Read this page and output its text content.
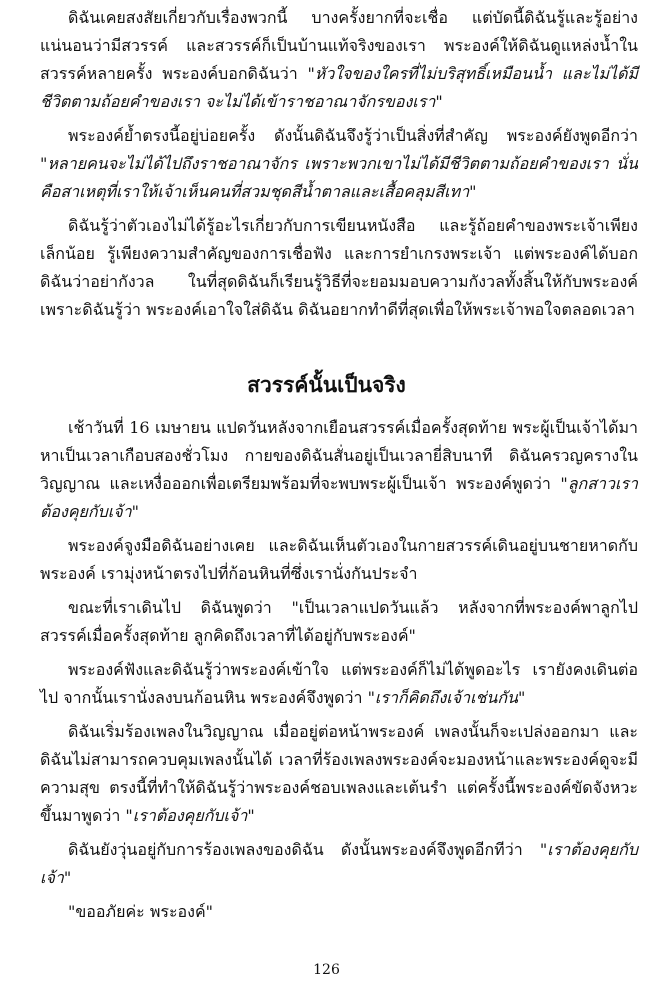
ดิฉันเคยสงสัยเกี่ยวกับเรื่องพวกนี้ บางครั้งยากที่จะเชื่อ แต่บัดนี้ดิฉันรู้และรู้อย่างแน่นอนว่ามีสวรรค์ และสวรรค์ก็เป็นบ้านแท้จริงของเรา พระองค์ให้ดิฉันดูแหล่งน้ำในสวรรค์หลายครั้ง พระองค์บอกดิฉันว่า "หัวใจของใครที่ไม่บริสุทธิ์เหมือนน้ำ และไม่ได้มีชีวิตตามถ้อยคำของเรา จะไม่ได้เข้าราชอาณาจักรของเรา"

พระองค์ย้ำตรงนี้อยู่บ่อยครั้ง ดังนั้นดิฉันจึงรู้ว่าเป็นสิ่งที่สำคัญ พระองค์ยังพูดอีกว่า "หลายคนจะไม่ได้ไปถึงราชอาณาจักร เพราะพวกเขาไม่ได้มีชีวิตตามถ้อยคำของเรา นั่นคือสาเหตุที่เราให้เจ้าเห็นคนที่สวมชุดสีน้ำตาลและเสื้อคลุมสีเทา"

ดิฉันรู้ว่าตัวเองไม่ได้รู้อะไรเกี่ยวกับการเขียนหนังสือ และรู้ถ้อยคำของพระเจ้าเพียงเล็กน้อย รู้เพียงความสำคัญของการเชื่อฟัง และการยำเกรงพระเจ้า แต่พระองค์ได้บอกดิฉันว่าอย่ากังวล ในที่สุดดิฉันก็เรียนรู้วิธีที่จะยอมมอบความกังวลทั้งสิ้นให้กับพระองค์ เพราะดิฉันรู้ว่า พระองค์เอาใจใส่ดิฉัน ดิฉันอยากทำดีที่สุดเพื่อให้พระเจ้าพอใจตลอดเวลา

สวรรค์นั้นเป็นจริง

เช้าวันที่ 16 เมษายน แปดวันหลังจากเยือนสวรรค์เมื่อครั้งสุดท้าย พระผู้เป็นเจ้าได้มาหาเป็นเวลาเกือบสองชั่วโมง กายของดิฉันสั่นอยู่เป็นเวลายี่สิบนาที ดิฉันครวญครางในวิญญาณ และเหงื่อออกเพื่อเตรียมพร้อมที่จะพบพระผู้เป็นเจ้า พระองค์พูดว่า "ลูกสาวเราต้องคุยกับเจ้า"

พระองค์จูงมือดิฉันอย่างเคย และดิฉันเห็นตัวเองในกายสวรรค์เดินอยู่บนชายหาดกับพระองค์ เรามุ่งหน้าตรงไปที่ก้อนหินที่ซึ่งเรานั่งกันประจำ

ขณะที่เราเดินไป ดิฉันพูดว่า "เป็นเวลาแปดวันแล้ว หลังจากที่พระองค์พาลูกไปสวรรค์เมื่อครั้งสุดท้าย ลูกคิดถึงเวลาที่ได้อยู่กับพระองค์"

พระองค์ฟังและดิฉันรู้ว่าพระองค์เข้าใจ แต่พระองค์ก็ไม่ได้พูดอะไร เรายังคงเดินต่อไป จากนั้นเรานั่งลงบนก้อนหิน พระองค์จึงพูดว่า "เราก็คิดถึงเจ้าเช่นกัน"

ดิฉันเริ่มร้องเพลงในวิญญาณ เมื่ออยู่ต่อหน้าพระองค์ เพลงนั้นก็จะเปล่งออกมา และดิฉันไม่สามารถควบคุมเพลงนั้นได้ เวลาที่ร้องเพลงพระองค์จะมองหน้าและพระองค์ดูจะมีความสุข ตรงนี้ที่ทำให้ดิฉันรู้ว่าพระองค์ชอบเพลงและเต้นรำ แต่ครั้งนี้พระองค์ขัดจังหวะขึ้นมาพูดว่า "เราต้องคุยกับเจ้า"

ดิฉันยังวุ่นอยู่กับการร้องเพลงของดิฉัน ดังนั้นพระองค์จึงพูดอีกทีว่า "เราต้องคุยกับเจ้า"

"ขออภัยค่ะ พระองค์"

126
